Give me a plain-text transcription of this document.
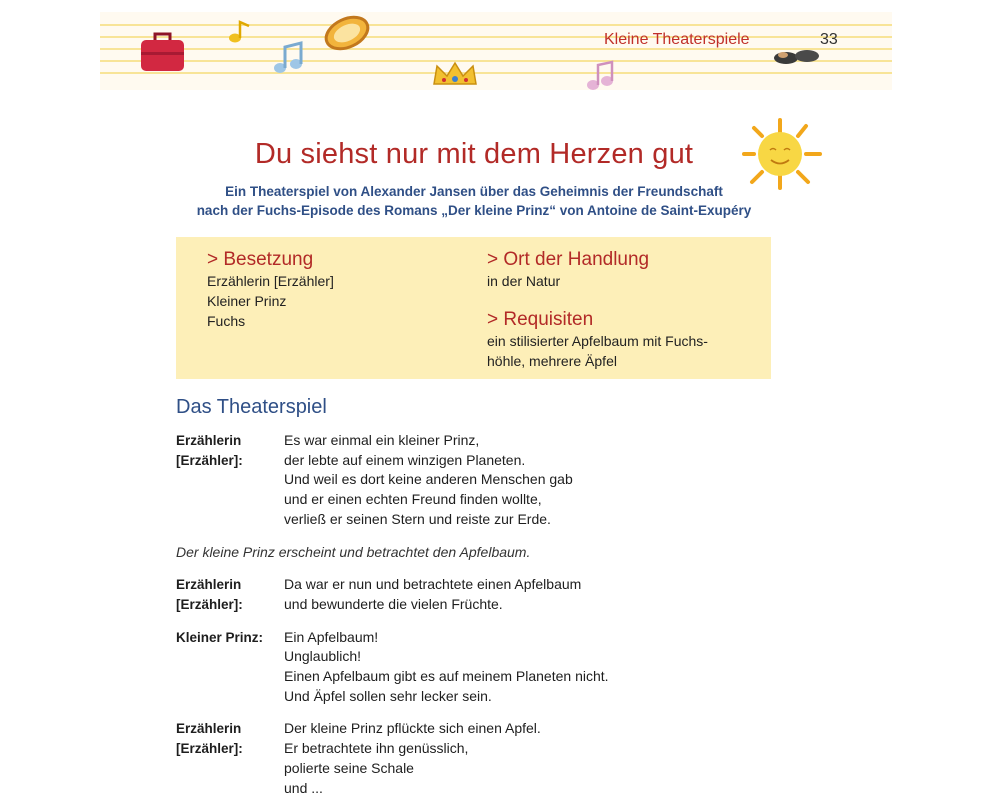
Kleine Theaterspiele	33
Du siehst nur mit dem Herzen gut
Ein Theaterspiel von Alexander Jansen über das Geheimnis der Freundschaft
nach der Fuchs-Episode des Romans „Der kleine Prinz“ von Antoine de Saint-Exupéry
> Besetzung
Erzählerin [Erzähler]
Kleiner Prinz
Fuchs
> Ort der Handlung
in der Natur
> Requisiten
ein stilisierter Apfelbaum mit Fuchs-
höhle, mehrere Äpfel
Das Theaterspiel
Erzählerin
[Erzähler]:
Es war einmal ein kleiner Prinz,
der lebte auf einem winzigen Planeten.
Und weil es dort keine anderen Menschen gab
und er einen echten Freund finden wollte,
verließ er seinen Stern und reiste zur Erde.
Der kleine Prinz erscheint und betrachtet den Apfelbaum.
Erzählerin
[Erzähler]:
Da war er nun und betrachtete einen Apfelbaum
und bewunderte die vielen Früchte.
Kleiner Prinz:	Ein Apfelbaum!
Unglaublich!
Einen Apfelbaum gibt es auf meinem Planeten nicht.
Und Äpfel sollen sehr lecker sein.
Erzählerin
[Erzähler]:
Der kleine Prinz pflückte sich einen Apfel.
Er betrachtete ihn genüsslich,
polierte seine Schale
und ...
